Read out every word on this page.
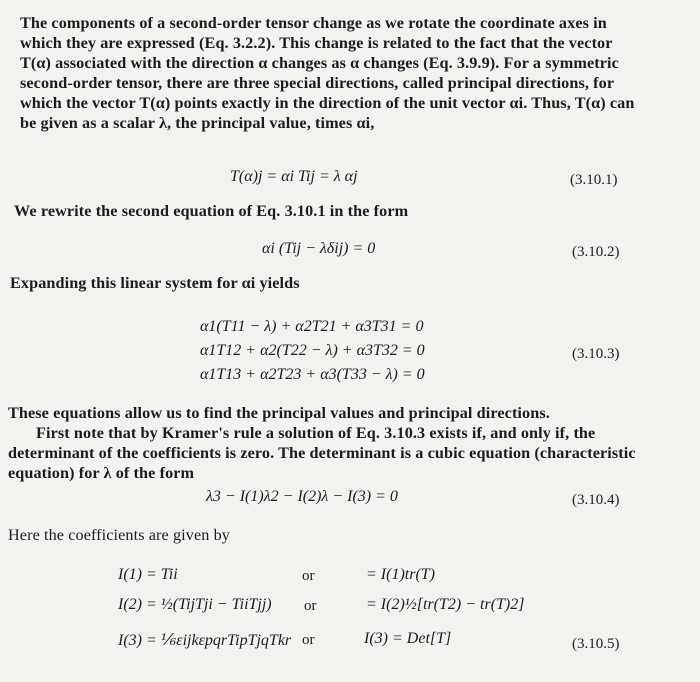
The components of a second-order tensor change as we rotate the coordinate axes in

which they are expressed (Eq. 3.2.2). This change is related to the fact that the vector

T(α) associated with the direction α changes as α changes (Eq. 3.9.9). For a symmetric

second-order tensor, there are three special directions, called principal directions, for

which the vector T(α) points exactly in the direction of the unit vector αi. Thus, T(α) can

be given as a scalar λ, the principal value, times αi,

T(α)j = αi Tij = λ αj	(3.10.1)

We rewrite the second equation of Eq. 3.10.1 in the form

αi (Tij − λδij) = 0	(3.10.2)

Expanding this linear system for αi yields

α1(T11 − λ) + α2T21 + α3T31 = 0

α1T12 + α2(T22 − λ) + α3T32 = 0

α1T13 + α2T23 + α3(T33 − λ) = 0

(3.10.3)

These equations allow us to find the principal values and principal directions.

First note that by Kramer's rule a solution of Eq. 3.10.3 exists if, and only if, the

determinant of the coefficients is zero. The determinant is a cubic equation (characteristic

equation) for λ of the form

λ3 − I(1)λ2 − I(2)λ − I(3) = 0	(3.10.4)

Here the coefficients are given by

I(1) = Tii	or	= I(1)tr(T)

I(2) = ½(TijTji − TiiTjj) or	= I(2)½[tr(T2) − tr(T)2]

I(3) = ⅙εijkεpqrTipTjqTkr or	I(3) = Det[T]	(3.10.5)
